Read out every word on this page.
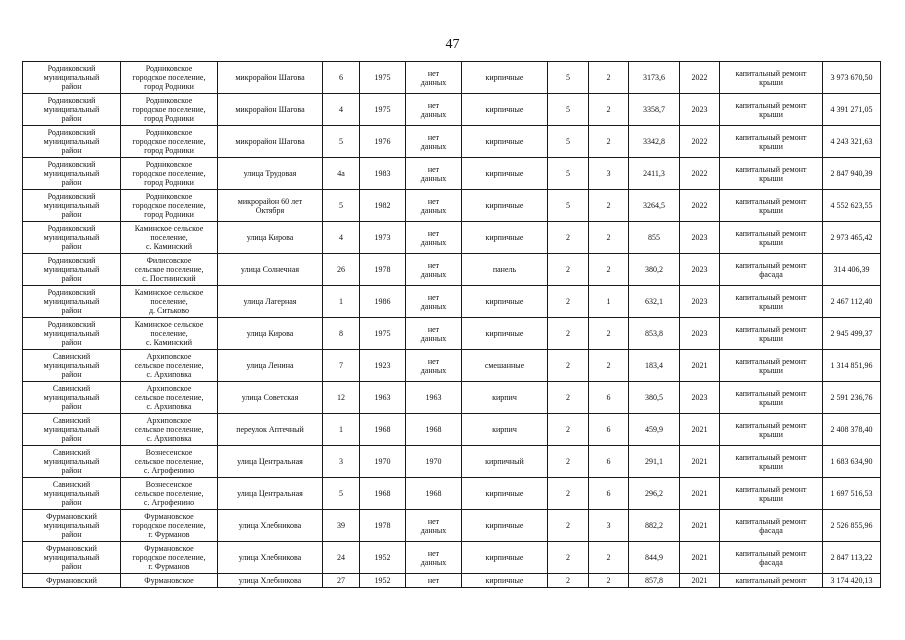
47
Родниковский
муниципальный
район	Родниковское
городское поселение,
город Родники	микрорайон Шагова	6	1975	нет
данных	кирпичные	5	2	3173,6	2022	капитальный ремонт
крыши	3 973 670,50
Родниковский
муниципальный
район	Родниковское
городское поселение,
город Родники	микрорайон Шагова	4	1975	нет
данных	кирпичные	5	2	3358,7	2023	капитальный ремонт
крыши	4 391 271,05
Родниковский
муниципальный
район	Родниковское
городское поселение,
город Родники	микрорайон Шагова	5	1976	нет
данных	кирпичные	5	2	3342,8	2022	капитальный ремонт
крыши	4 243 321,63
Родниковский
муниципальный
район	Родниковское
городское поселение,
город Родники	улица Трудовая	4а	1983	нет
данных	кирпичные	5	3	2411,3	2022	капитальный ремонт
крыши	2 847 940,39
Родниковский
муниципальный
район	Родниковское
городское поселение,
город Родники	микрорайон 60 лет
Октября	5	1982	нет
данных	кирпичные	5	2	3264,5	2022	капитальный ремонт
крыши	4 552 623,55
Родниковский
муниципальный
район	Каминское сельское
поселение,
с. Каминский	улица Кирова	4	1973	нет
данных	кирпичные	2	2	855	2023	капитальный ремонт
крыши	2 973 465,42
Родниковский
муниципальный
район	Филисовское
сельское поселение,
с. Постнинский	улица Солнечная	26	1978	нет
данных	панель	2	2	380,2	2023	капитальный ремонт
фасада	314 406,39
Родниковский
муниципальный
район	Каминское сельское
поселение,
д. Ситьково	улица Лагерная	1	1986	нет
данных	кирпичные	2	1	632,1	2023	капитальный ремонт
крыши	2 467 112,40
Родниковский
муниципальный
район	Каминское сельское
поселение,
с. Каминский	улица Кирова	8	1975	нет
данных	кирпичные	2	2	853,8	2023	капитальный ремонт
крыши	2 945 499,37
Савинский
муниципальный
район	Архиповское
сельское поселение,
с. Архиповка	улица Ленина	7	1923	нет
данных	смешанные	2	2	183,4	2021	капитальный ремонт
крыши	1 314 851,96
Савинский
муниципальный
район	Архиповское
сельское поселение,
с. Архиповка	улица Советская	12	1963	1963	кирпич	2	6	380,5	2023	капитальный ремонт
крыши	2 591 236,76
Савинский
муниципальный
район	Архиповское
сельское поселение,
с. Архиповка	переулок Аптечный	1	1968	1968	кирпич	2	6	459,9	2021	капитальный ремонт
крыши	2 408 378,40
Савинский
муниципальный
район	Вознесенское
сельское поселение,
с. Агрофенино	улица Центральная	3	1970	1970	кирпичный	2	6	291,1	2021	капитальный ремонт
крыши	1 683 634,90
Савинский
муниципальный
район	Вознесенское
сельское поселение,
с. Агрофенино	улица Центральная	5	1968	1968	кирпичные	2	6	296,2	2021	капитальный ремонт
крыши	1 697 516,53
Фурмановский
муниципальный
район	Фурмановское
городское поселение,
г. Фурманов	улица Хлебникова	39	1978	нет
данных	кирпичные	2	3	882,2	2021	капитальный ремонт
фасада	2 526 855,96
Фурмановский
муниципальный
район	Фурмановское
городское поселение,
г. Фурманов	улица Хлебникова	24	1952	нет
данных	кирпичные	2	2	844,9	2021	капитальный ремонт
фасада	2 847 113,22
Фурмановский	Фурмановское	улица Хлебникова	27	1952	нет	кирпичные	2	2	857,8	2021	капитальный ремонт	3 174 420,13
